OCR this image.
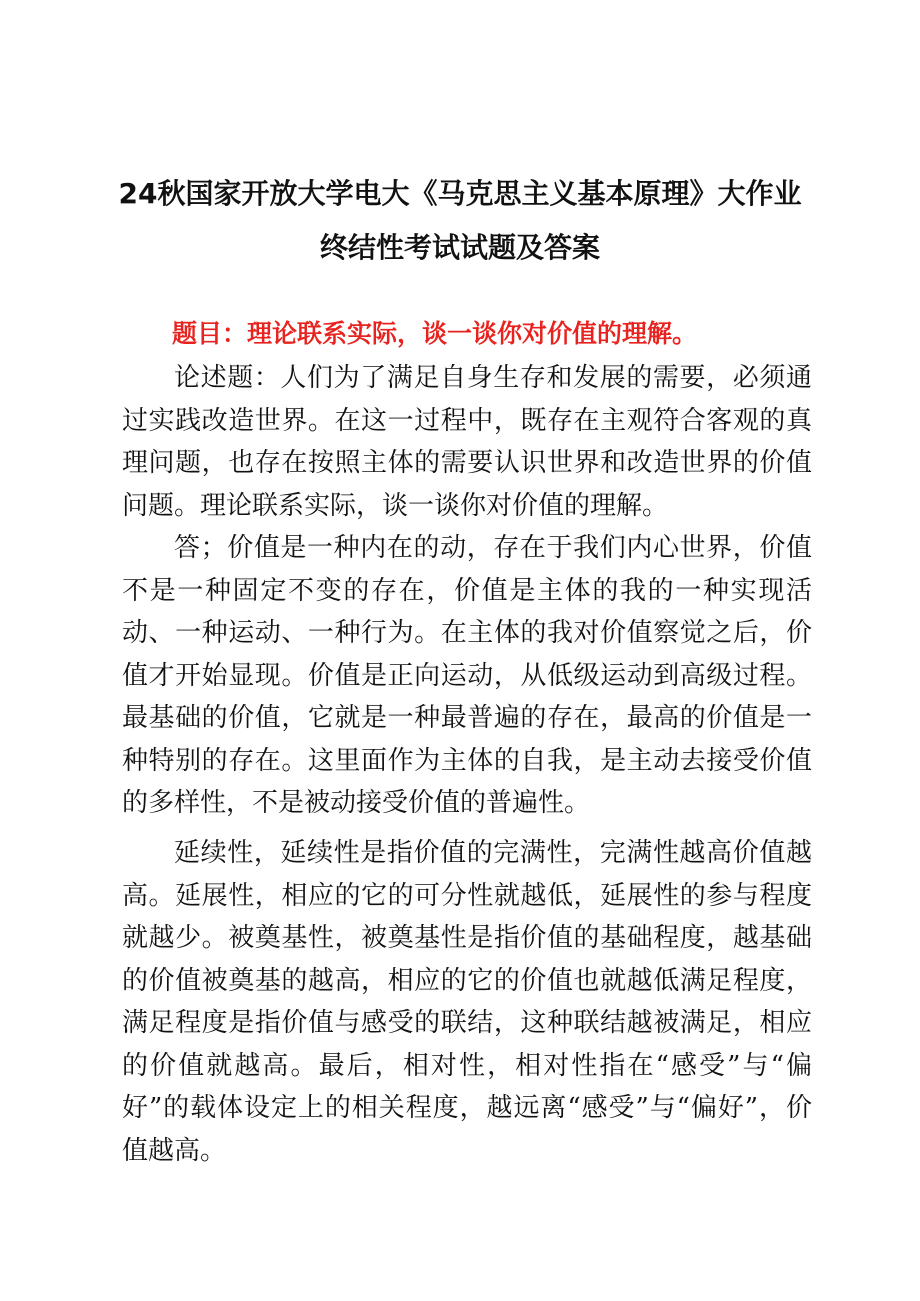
24秋国家开放大学电大《马克思主义基本原理》大作业
终结性考试试题及答案
题目：理论联系实际，谈一谈你对价值的理解。

论述题：人们为了满足自身生存和发展的需要，必须通过实践改造世界。在这一过程中，既存在主观符合客观的真理问题，也存在按照主体的需要认识世界和改造世界的价值问题。理论联系实际，谈一谈你对价值的理解。

答；价值是一种内在的动，存在于我们内心世界，价值不是一种固定不变的存在，价值是主体的我的一种实现活动、一种运动、一种行为。在主体的我对价值察觉之后，价值才开始显现。价值是正向运动，从低级运动到高级过程。最基础的价值，它就是一种最普遍的存在，最高的价值是一种特别的存在。这里面作为主体的自我，是主动去接受价值的多样性，不是被动接受价值的普遍性。

延续性，延续性是指价值的完满性，完满性越高价值越高。延展性，相应的它的可分性就越低，延展性的参与程度就越少。被奠基性，被奠基性是指价值的基础程度，越基础的价值被奠基的越高，相应的它的价值也就越低满足程度，满足程度是指价值与感受的联结，这种联结越被满足，相应的价值就越高。最后，相对性，相对性指在“感受”与“偏好”的载体设定上的相关程度，越远离“感受”与“偏好”，价值越高。
